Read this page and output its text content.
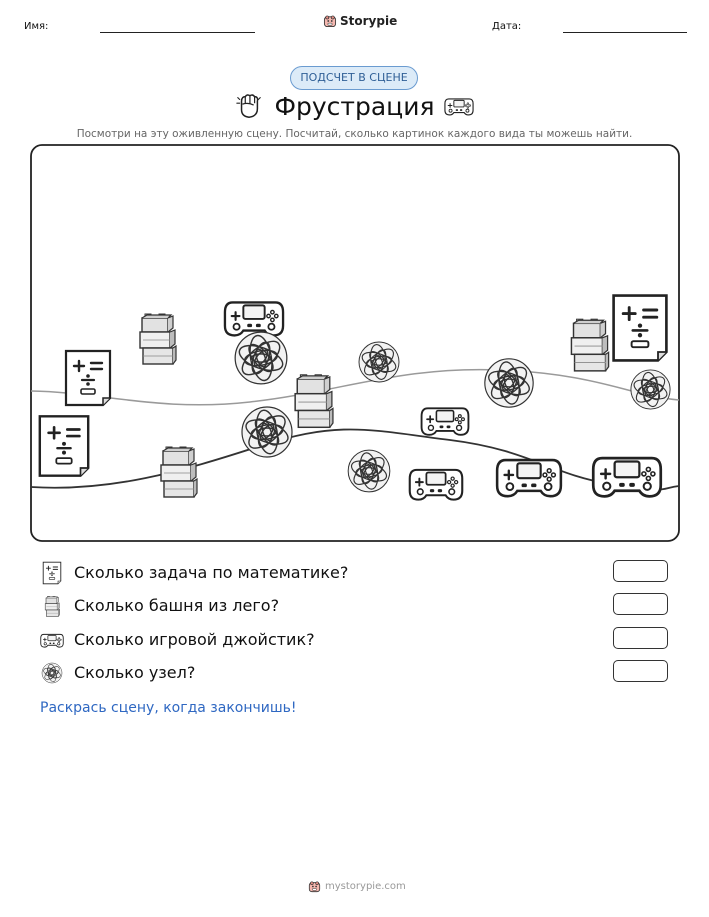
Имя:	Storypie	Дата:
ПОДСЧЕТ В СЦЕНЕ
Фрустрация
Посмотри на эту оживленную сцену. Посчитай, сколько картинок каждого вида ты можешь найти.
Сколько задача по математике?
Сколько башня из лего?
Сколько игровой джойстик?
Сколько узел?
Раскрась сцену, когда закончишь!
mystorypie.com
